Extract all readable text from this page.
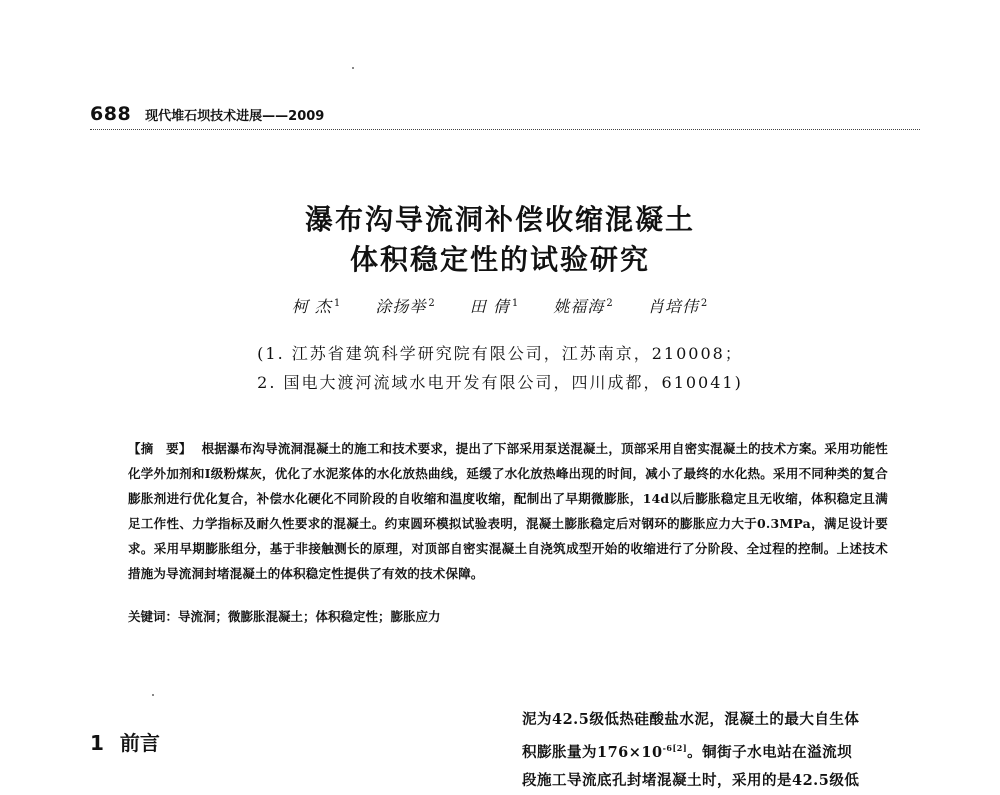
688 现代堆石坝技术进展——2009
瀑布沟导流洞补偿收缩混凝土
体积稳定性的试验研究
柯 杰 $^1$ 涂扬举 $^2$ 田 倩 $^1$ 姚福海 $^2$ 肖培伟 $^2$
(1. 江苏省建筑科学研究院有限公司，江苏南京，210008；
2. 国电大渡河流域水电开发有限公司，四川成都，610041)
【摘　要】 根据瀑布沟导流洞混凝土的施工和技术要求，提出了下部采用泵送混凝土，顶部采用自密实混凝土的技术方案。采用功能性化学外加剂和Ⅰ级粉煤灰，优化了水泥浆体的水化放热曲线，延缓了水化放热峰出现的时间，减小了最终的水化热。采用不同种类的复合膨胀剂进行优化复合，补偿水化硬化不同阶段的自收缩和温度收缩，配制出了早期微膨胀，14d以后膨胀稳定且无收缩，体积稳定且满足工作性、力学指标及耐久性要求的混凝土。约束圆环模拟试验表明，混凝土膨胀稳定后对钢环的膨胀应力大于0.3MPa，满足设计要求。采用早期膨胀组分，基于非接触测长的原理，对顶部自密实混凝土自浇筑成型开始的收缩进行了分阶段、全过程的控制。上述技术措施为导流洞封堵混凝土的体积稳定性提供了有效的技术保障。
关键词：导流洞；微膨胀混凝土；体积稳定性；膨胀应力
1 前言
泥为42.5级低热硅酸盐水泥，混凝土的最大自生体
积膨胀量为$176\times 10^{-6[2]}$。铜街子水电站在溢流坝
段施工导流底孔封堵混凝土时，采用的是42.5级低
